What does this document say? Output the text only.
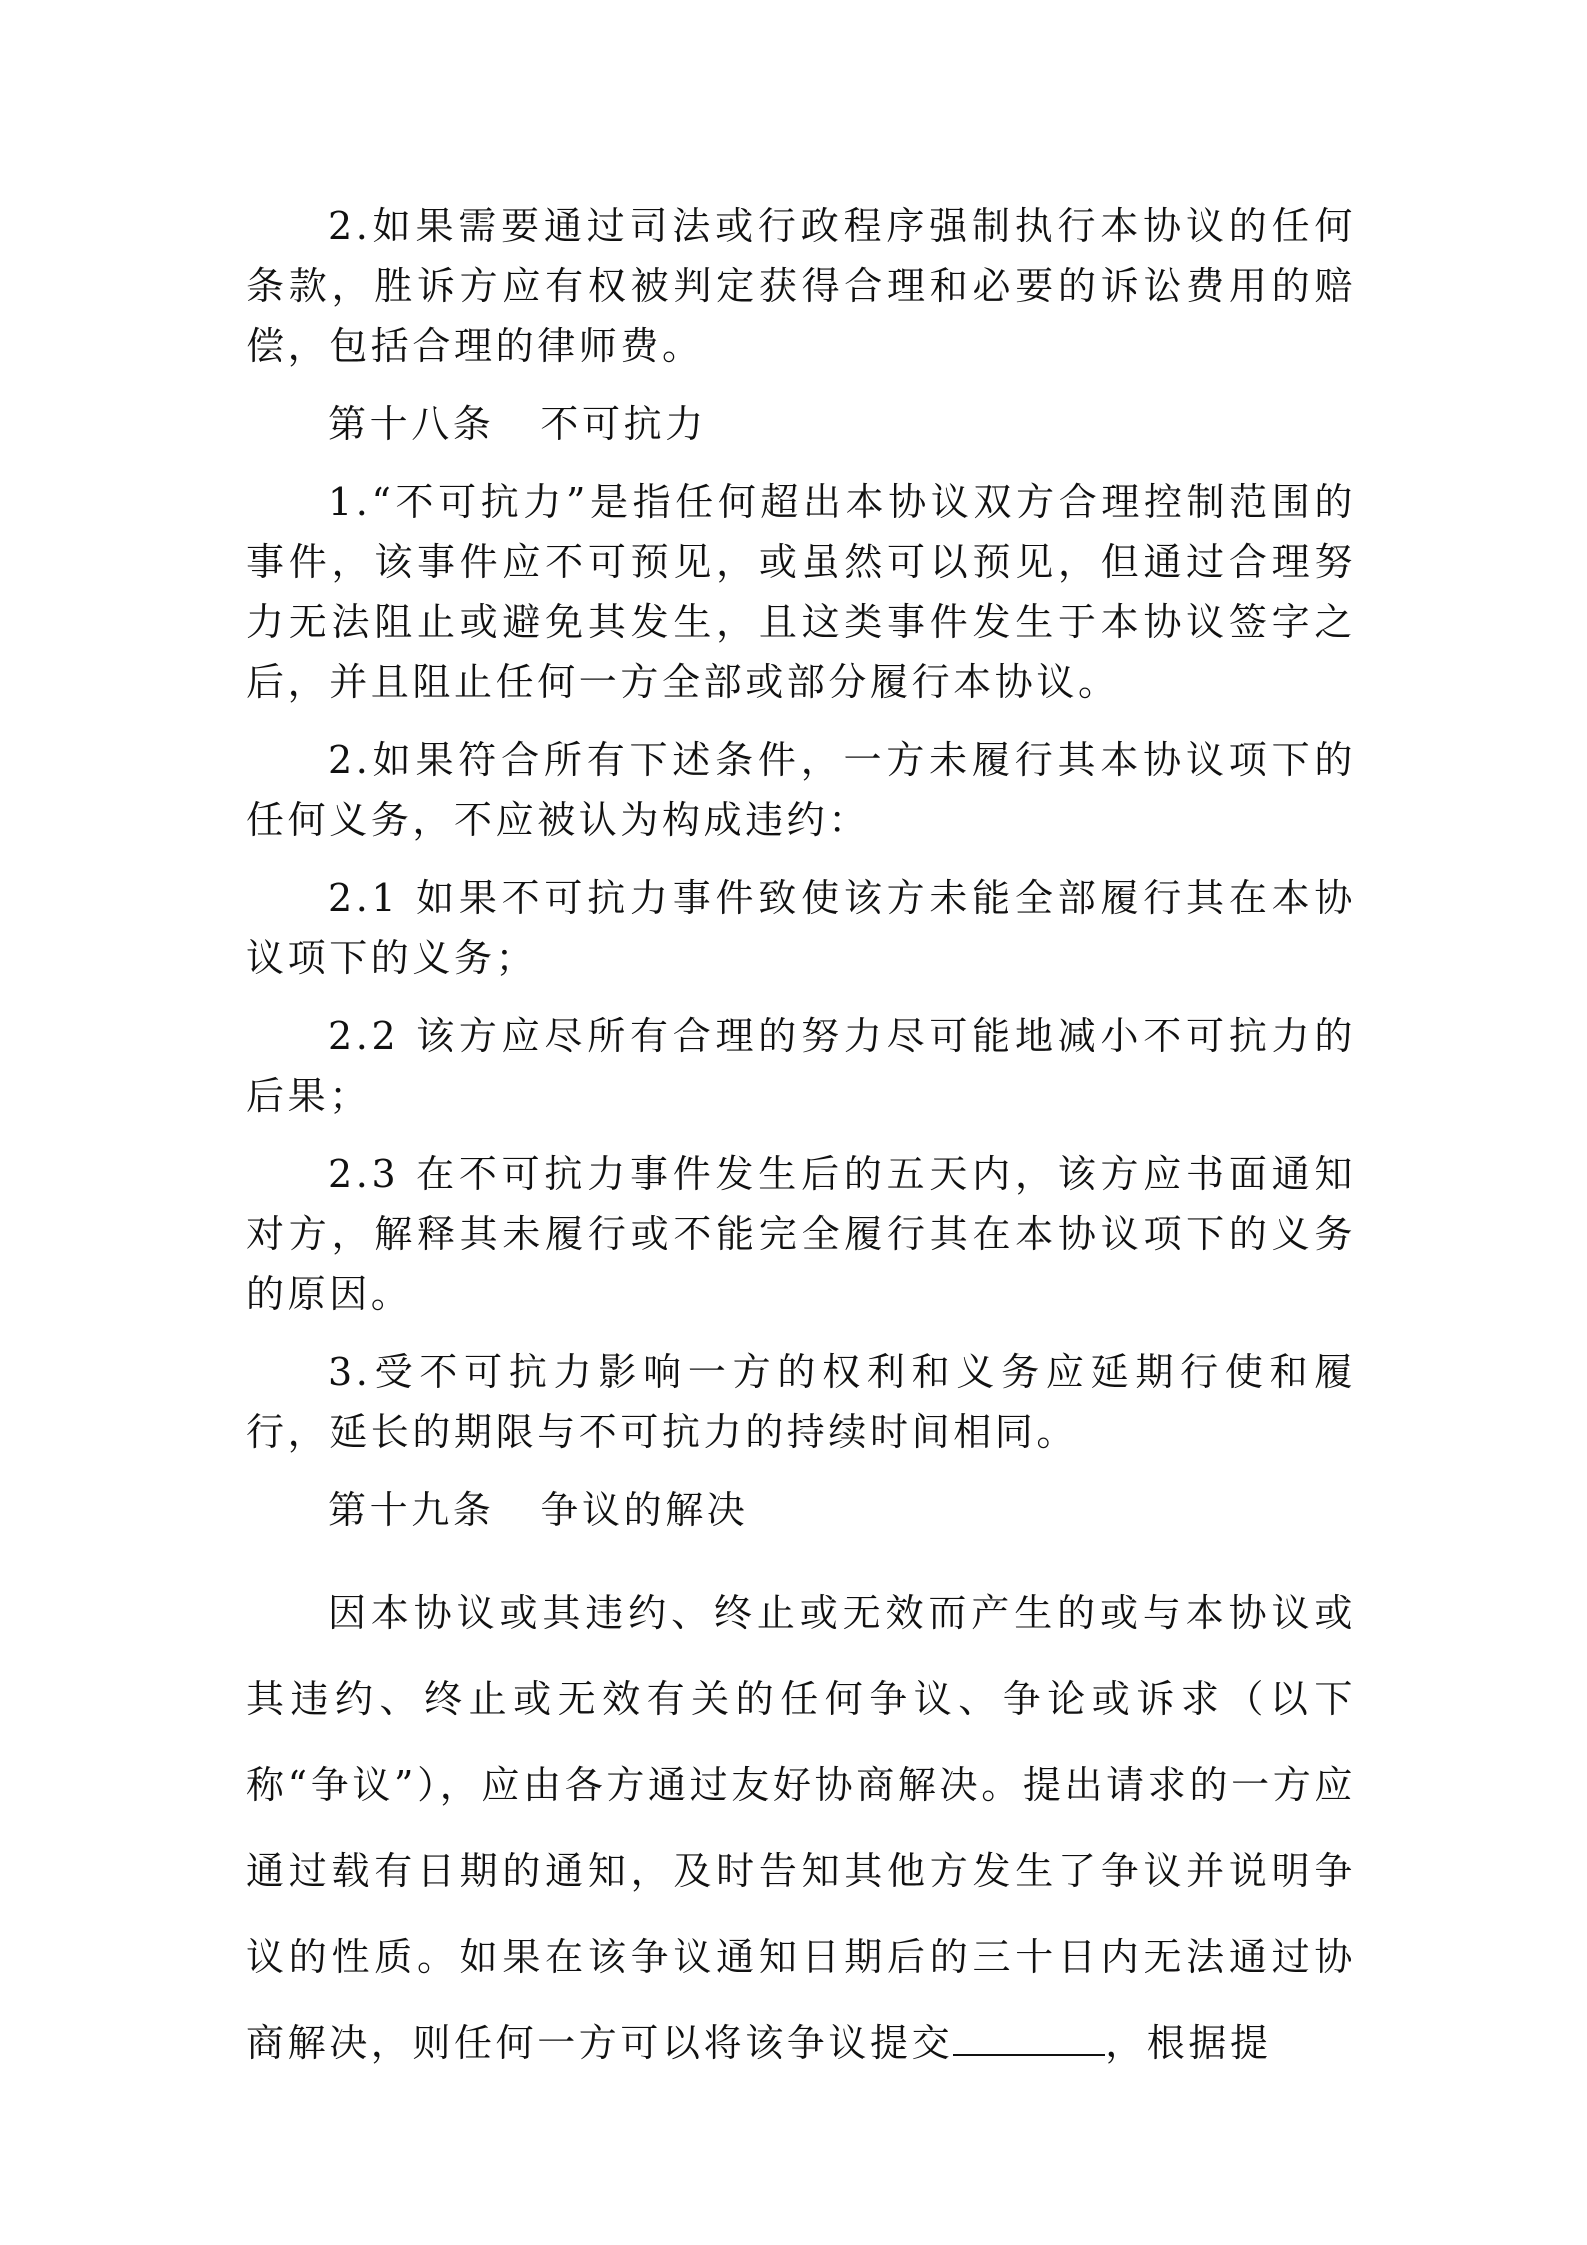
2.如果需要通过司法或行政程序强制执行本协议的任何条款，胜诉方应有权被判定获得合理和必要的诉讼费用的赔偿，包括合理的律师费。

第十八条 不可抗力

1.“不可抗力”是指任何超出本协议双方合理控制范围的事件，该事件应不可预见，或虽然可以预见，但通过合理努力无法阻止或避免其发生，且这类事件发生于本协议签字之后，并且阻止任何一方全部或部分履行本协议。

2.如果符合所有下述条件，一方未履行其本协议项下的任何义务，不应被认为构成违约：

2.1 如果不可抗力事件致使该方未能全部履行其在本协议项下的义务；

2.2 该方应尽所有合理的努力尽可能地减小不可抗力的后果；

2.3 在不可抗力事件发生后的五天内，该方应书面通知对方，解释其未履行或不能完全履行其在本协议项下的义务的原因。

3.受不可抗力影响一方的权利和义务应延期行使和履行，延长的期限与不可抗力的持续时间相同。

第十九条 争议的解决

因本协议或其违约、终止或无效而产生的或与本协议或其违约、终止或无效有关的任何争议、争论或诉求（以下称“争议”），应由各方通过友好协商解决。提出请求的一方应通过载有日期的通知，及时告知其他方发生了争议并说明争议的性质。如果在该争议通知日期后的三十日内无法通过协商解决，则任何一方可以将该争议提交	，根据提
